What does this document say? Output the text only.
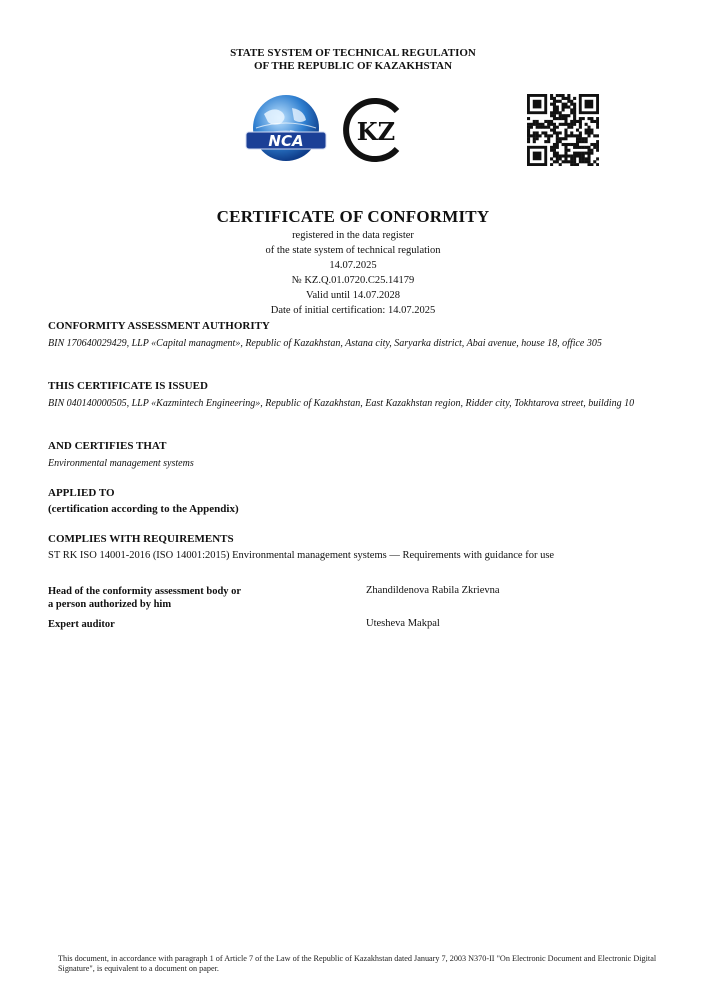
STATE SYSTEM OF TECHNICAL REGULATION
OF THE REPUBLIC OF KAZAKHSTAN
NCA KZ
CERTIFICATE OF CONFORMITY
registered in the data register
of the state system of technical regulation
14.07.2025
№ KZ.Q.01.0720.C25.14179
Valid until 14.07.2028
Date of initial certification: 14.07.2025
CONFORMITY ASSESSMENT AUTHORITY
BIN 170640029429, LLP «Capital managment», Republic of Kazakhstan, Astana city, Saryarka district, Abai avenue, house 18, office 305
THIS CERTIFICATE IS ISSUED
BIN 040140000505, LLP «Kazmintech Engineering», Republic of Kazakhstan, East Kazakhstan region, Ridder city, Tokhtarova street, building 10
AND CERTIFIES THAT
Environmental management systems
APPLIED TO
(certification according to the Appendix)
COMPLIES WITH REQUIREMENTS
ST RK ISO 14001-2016 (ISO 14001:2015) Environmental management systems — Requirements with guidance for use
Head of the conformity assessment body or
a person authorized by him
Zhandildenova Rabila Zkrievna
Expert auditor	Utesheva Makpal
This document, in accordance with paragraph 1 of Article 7 of the Law of the Republic of Kazakhstan dated January 7, 2003 N370-II "On Electronic Document and Electronic Digital Signature", is equivalent to a document on paper.
